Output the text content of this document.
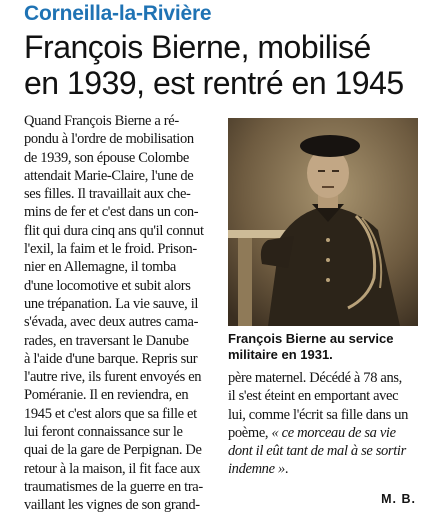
Corneilla-la-Rivière
François Bierne, mobilisé
en 1939, est rentré en 1945
Quand François Bierne a ré-
pondu à l'ordre de mobilisation
de 1939, son épouse Colombe
attendait Marie-Claire, l'une de
ses filles. Il travaillait aux che-
mins de fer et c'est dans un con-
flit qui dura cinq ans qu'il connut
l'exil, la faim et le froid. Prison-
nier en Allemagne, il tomba
d'une locomotive et subit alors
une trépanation. La vie sauve, il
s'évada, avec deux autres cama-
rades, en traversant le Danube
à l'aide d'une barque. Repris sur
l'autre rive, ils furent envoyés en
Poméranie. Il en reviendra, en
1945 et c'est alors que sa fille et
lui feront connaissance sur le
quai de la gare de Perpignan. De
retour à la maison, il fit face aux
traumatismes de la guerre en tra-
vaillant les vignes de son grand-
François Bierne au service
militaire en 1931.
père maternel. Décédé à 78 ans,
il s'est éteint en emportant avec
lui, comme l'écrit sa fille dans un
poème, « ce morceau de sa vie
dont il eût tant de mal à se sortir
indemne ».
M. B.
